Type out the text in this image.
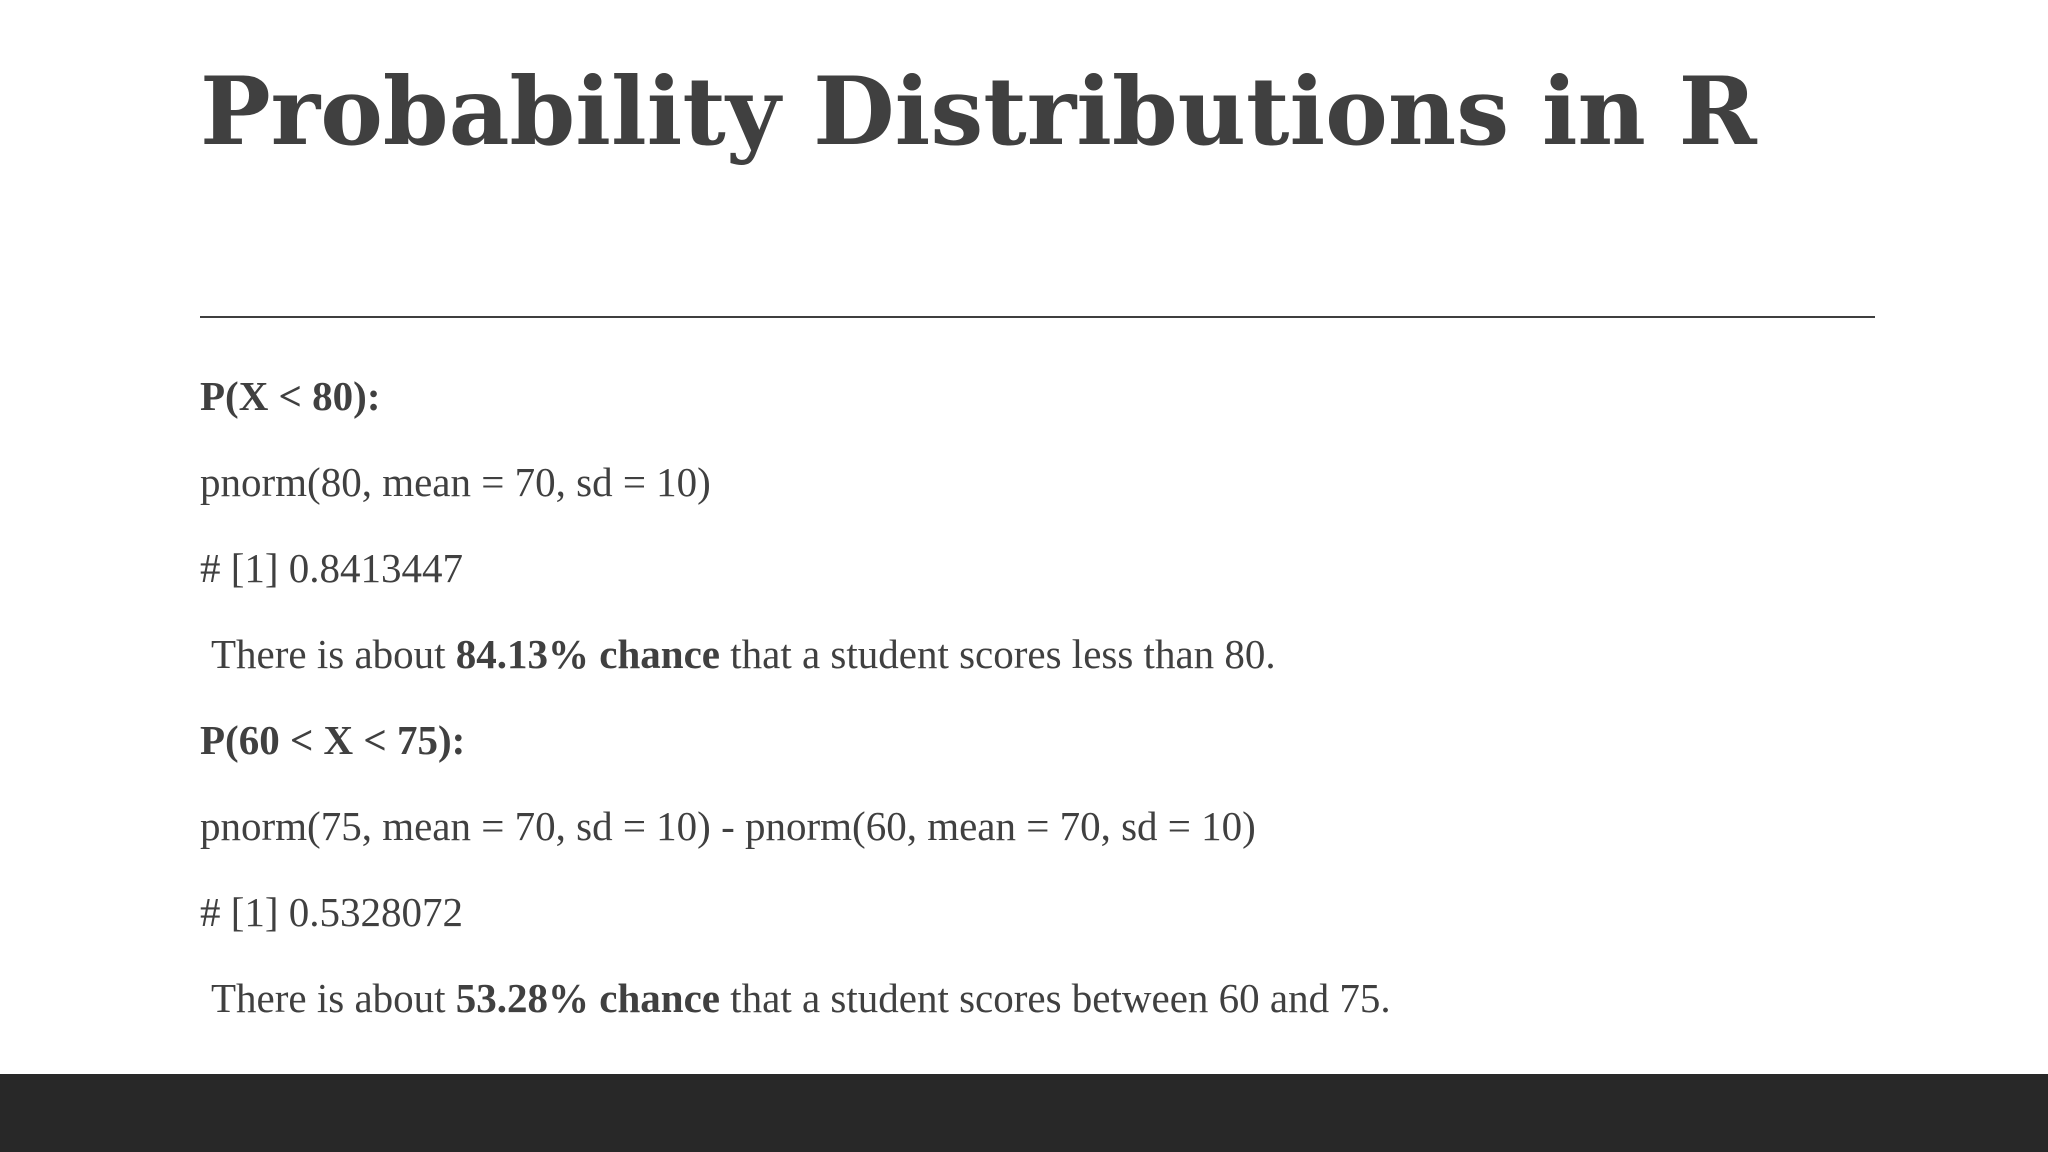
Probability Distributions in R
P(X < 80):
pnorm(80, mean = 70, sd = 10)
# [1] 0.8413447
There is about 84.13% chance that a student scores less than 80.
P(60 < X < 75):
pnorm(75, mean = 70, sd = 10) - pnorm(60, mean = 70, sd = 10)
# [1] 0.5328072
There is about 53.28% chance that a student scores between 60 and 75.
